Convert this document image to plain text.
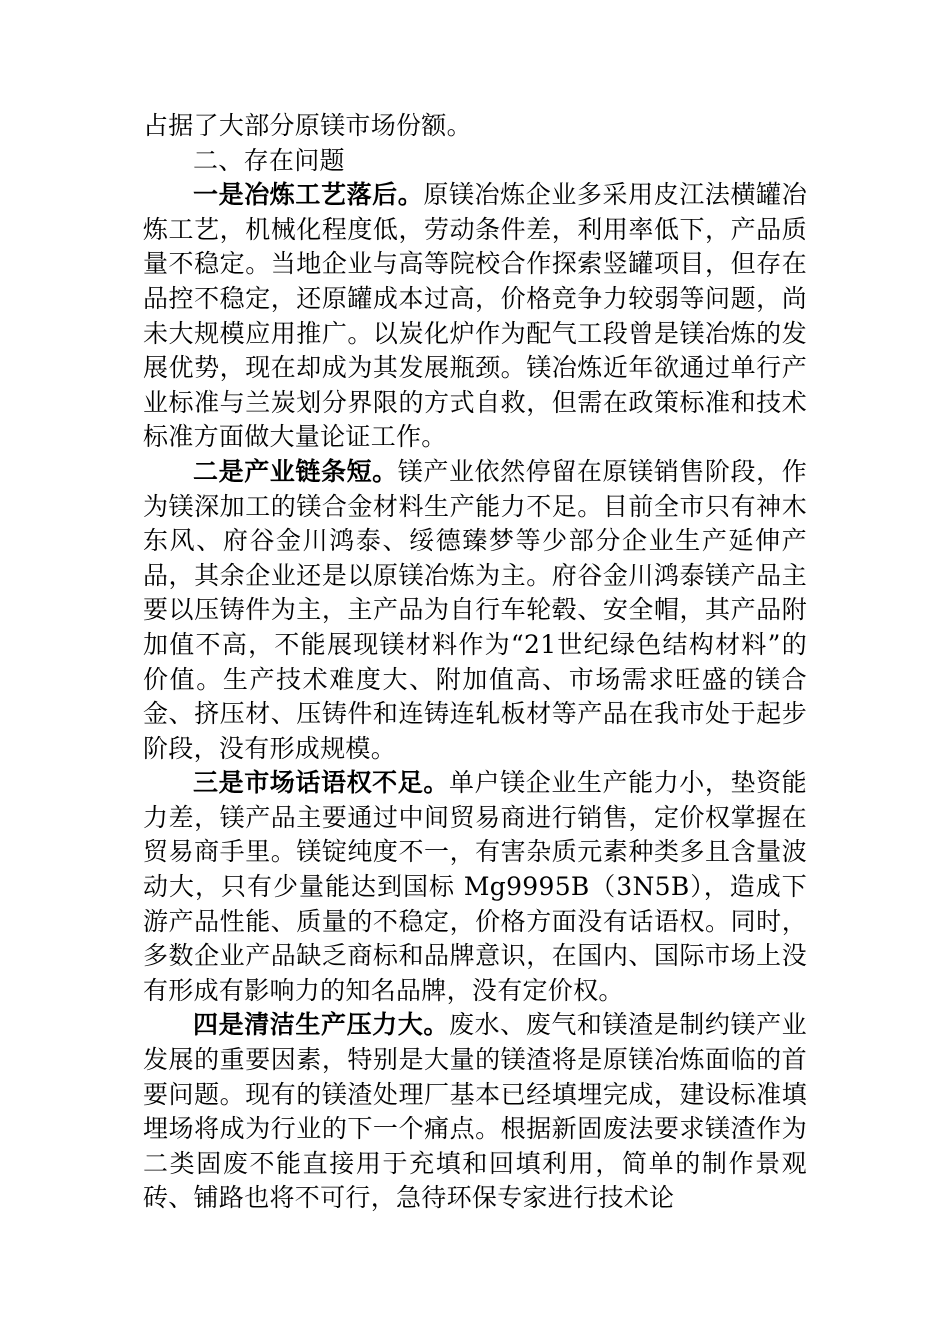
占据了大部分原镁市场份额。

二、存在问题

一是冶炼工艺落后。原镁冶炼企业多采用皮江法横罐冶炼工艺，机械化程度低，劳动条件差，利用率低下，产品质量不稳定。当地企业与高等院校合作探索竖罐项目，但存在品控不稳定，还原罐成本过高，价格竞争力较弱等问题，尚未大规模应用推广。以炭化炉作为配气工段曾是镁冶炼的发展优势，现在却成为其发展瓶颈。镁冶炼近年欲通过单行产业标准与兰炭划分界限的方式自救，但需在政策标准和技术标准方面做大量论证工作。

二是产业链条短。镁产业依然停留在原镁销售阶段，作为镁深加工的镁合金材料生产能力不足。目前全市只有神木东风、府谷金川鸿泰、绥德臻梦等少部分企业生产延伸产品，其余企业还是以原镁冶炼为主。府谷金川鸿泰镁产品主要以压铸件为主，主产品为自行车轮毂、安全帽，其产品附加值不高，不能展现镁材料作为“21世纪绿色结构材料”的价值。生产技术难度大、附加值高、市场需求旺盛的镁合金、挤压材、压铸件和连铸连轧板材等产品在我市处于起步阶段，没有形成规模。

三是市场话语权不足。单户镁企业生产能力小，垫资能力差，镁产品主要通过中间贸易商进行销售，定价权掌握在贸易商手里。镁锭纯度不一，有害杂质元素种类多且含量波动大，只有少量能达到国标 Mg9995B（3N5B），造成下游产品性能、质量的不稳定，价格方面没有话语权。同时，多数企业产品缺乏商标和品牌意识，在国内、国际市场上没有形成有影响力的知名品牌，没有定价权。

四是清洁生产压力大。废水、废气和镁渣是制约镁产业发展的重要因素，特别是大量的镁渣将是原镁冶炼面临的首要问题。现有的镁渣处理厂基本已经填埋完成，建设标准填埋场将成为行业的下一个痛点。根据新固废法要求镁渣作为二类固废不能直接用于充填和回填利用，简单的制作景观砖、铺路也将不可行，急待环保专家进行技术论
